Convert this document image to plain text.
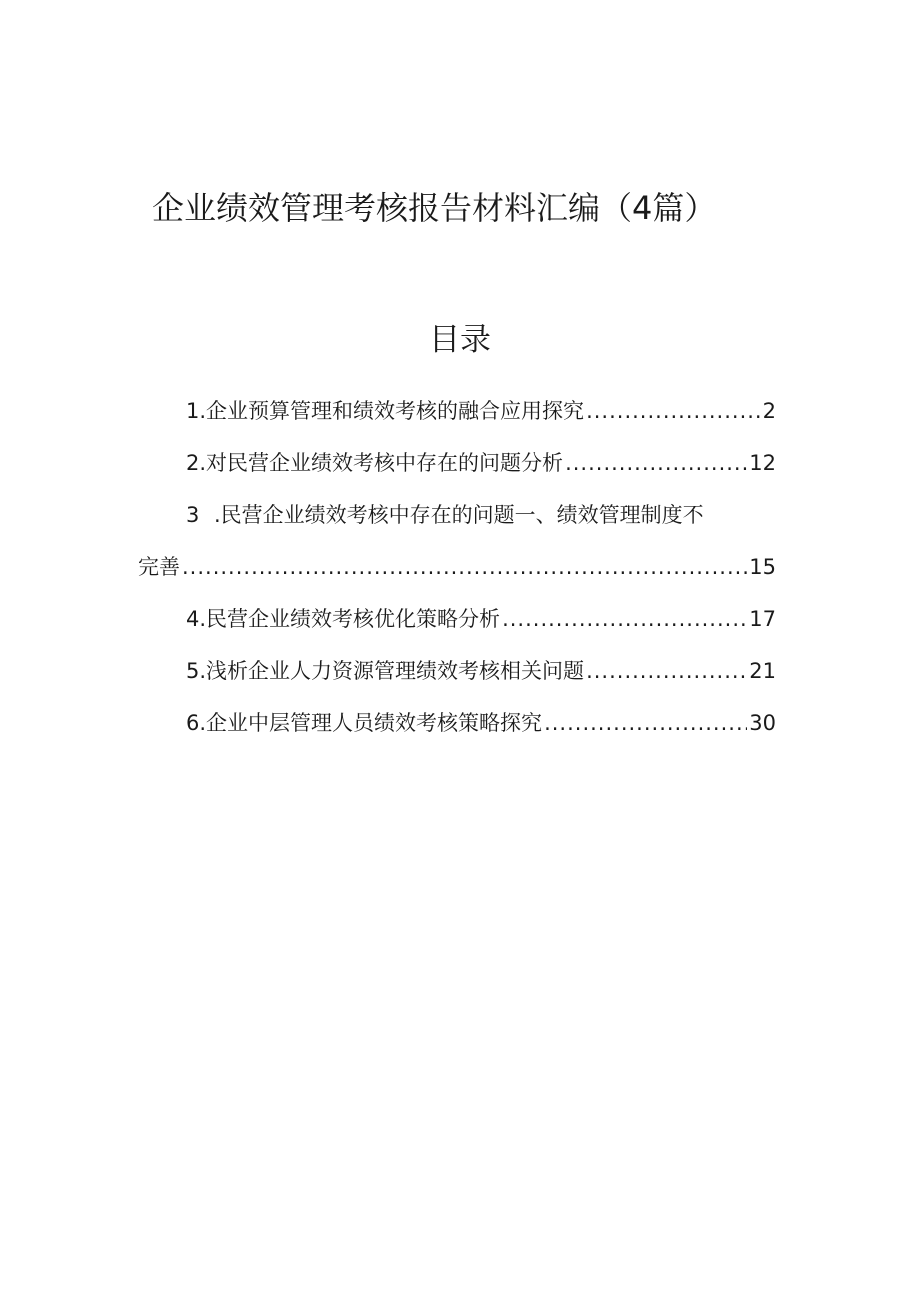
企业绩效管理考核报告材料汇编（4篇）
目录
1 .企业预算管理和绩效考核的融合应用探究 .....	2
2 .对民营企业绩效考核中存在的问题分析 .....	12
3 .民营企业绩效考核中存在的问题一、绩效管理制度不
完善 .....	15
4 .民营企业绩效考核优化策略分析 .....	17
5 .浅析企业人力资源管理绩效考核相关问题 .....	21
6 .企业中层管理人员绩效考核策略探究 .....	30
